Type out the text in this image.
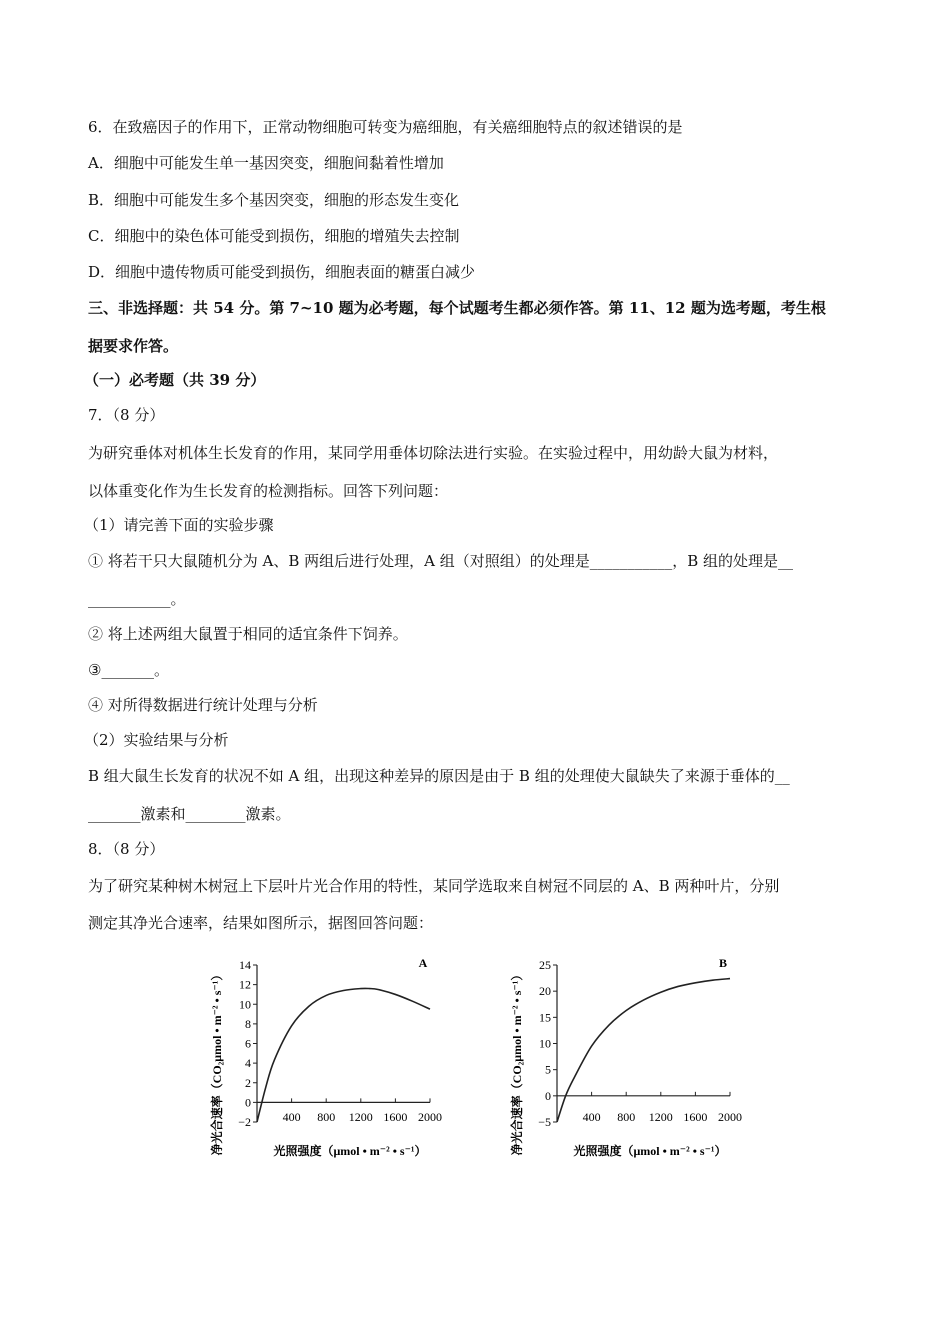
6．在致癌因子的作用下，正常动物细胞可转变为癌细胞，有关癌细胞特点的叙述错误的是
A．细胞中可能发生单一基因突变，细胞间黏着性增加
B．细胞中可能发生多个基因突变，细胞的形态发生变化
C．细胞中的染色体可能受到损伤，细胞的增殖失去控制
D．细胞中遗传物质可能受到损伤，细胞表面的糖蛋白减少
三、非选择题：共 54 分。第 7~10 题为必考题，每个试题考生都必须作答。第 11、12 题为选考题，考生根
据要求作答。
（一）必考题（共 39 分）
7．（8 分）
为研究垂体对机体生长发育的作用，某同学用垂体切除法进行实验。在实验过程中，用幼龄大鼠为材料，
以体重变化作为生长发育的检测指标。回答下列问题：
（1）请完善下面的实验步骤
① 将若干只大鼠随机分为 A、B 两组后进行处理，A 组（对照组）的处理是___________，B 组的处理是__
___________。
② 将上述两组大鼠置于相同的适宜条件下饲养。
③_______。
④ 对所得数据进行统计处理与分析
（2）实验结果与分析
B 组大鼠生长发育的状况不如 A 组，出现这种差异的原因是由于 B 组的处理使大鼠缺失了来源于垂体的__
_______激素和________激素。
8．（8 分）
为了研究某种树木树冠上下层叶片光合作用的特性，某同学选取来自树冠不同层的 A、B 两种叶片，分别
测定其净光合速率，结果如图所示，据图回答问题：
净光合速率（CO₂μmol • m⁻² • s⁻¹）
A
14
12
10
8
6
4
2
0
−2	400 800 1200 1600 2000
光照强度（μmol • m⁻² • s⁻¹）	净光合速率（CO₂μmol • m⁻² • s⁻¹）
B
25
20
15
10
5
0
−5	400 800 1200 1600 2000
光照强度（μmol • m⁻² • s⁻¹）
